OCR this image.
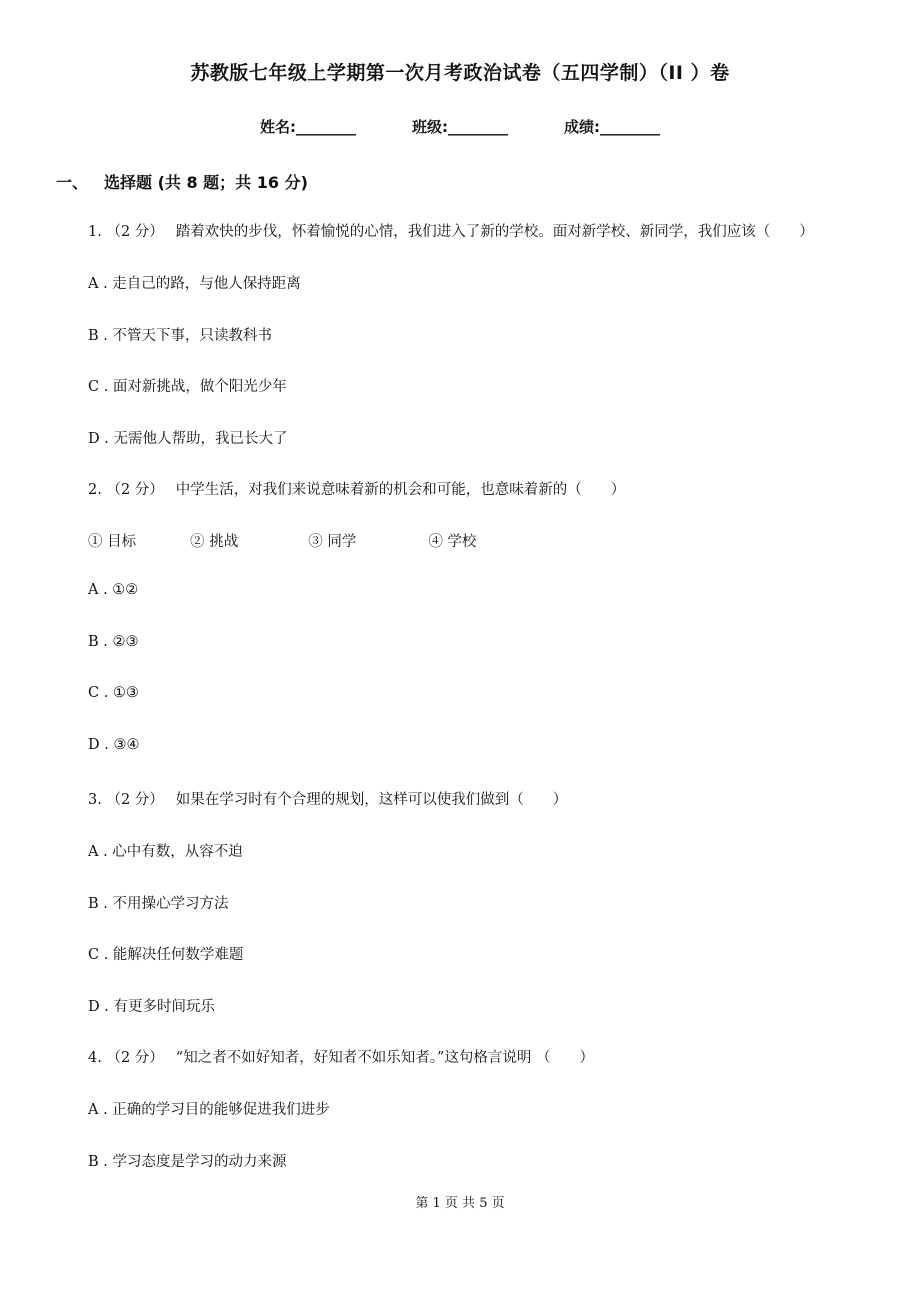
苏教版七年级上学期第一次月考政治试卷（五四学制）（II ）卷
姓名:________	班级:________	成绩:________
一、 选择题 (共 8 题；共 16 分)
1. （2 分） 踏着欢快的步伐，怀着愉悦的心情，我们进入了新的学校。面对新学校、新同学，我们应该（　　）
A . 走自己的路，与他人保持距离
B . 不管天下事，只读教科书
C . 面对新挑战，做个阳光少年
D . 无需他人帮助，我已长大了
2. （2 分） 中学生活，对我们来说意味着新的机会和可能，也意味着新的（　　）
① 目标	② 挑战	③ 同学	④ 学校
A . ①②
B . ②③
C . ①③
D . ③④
3. （2 分） 如果在学习时有个合理的规划，这样可以使我们做到（　　）
A . 心中有数，从容不迫
B . 不用操心学习方法
C . 能解决任何数学难题
D . 有更多时间玩乐
4. （2 分） “知之者不如好知者，好知者不如乐知者。”这句格言说明 （　　）
A . 正确的学习目的能够促进我们进步
B . 学习态度是学习的动力来源
第 1 页 共 5 页
